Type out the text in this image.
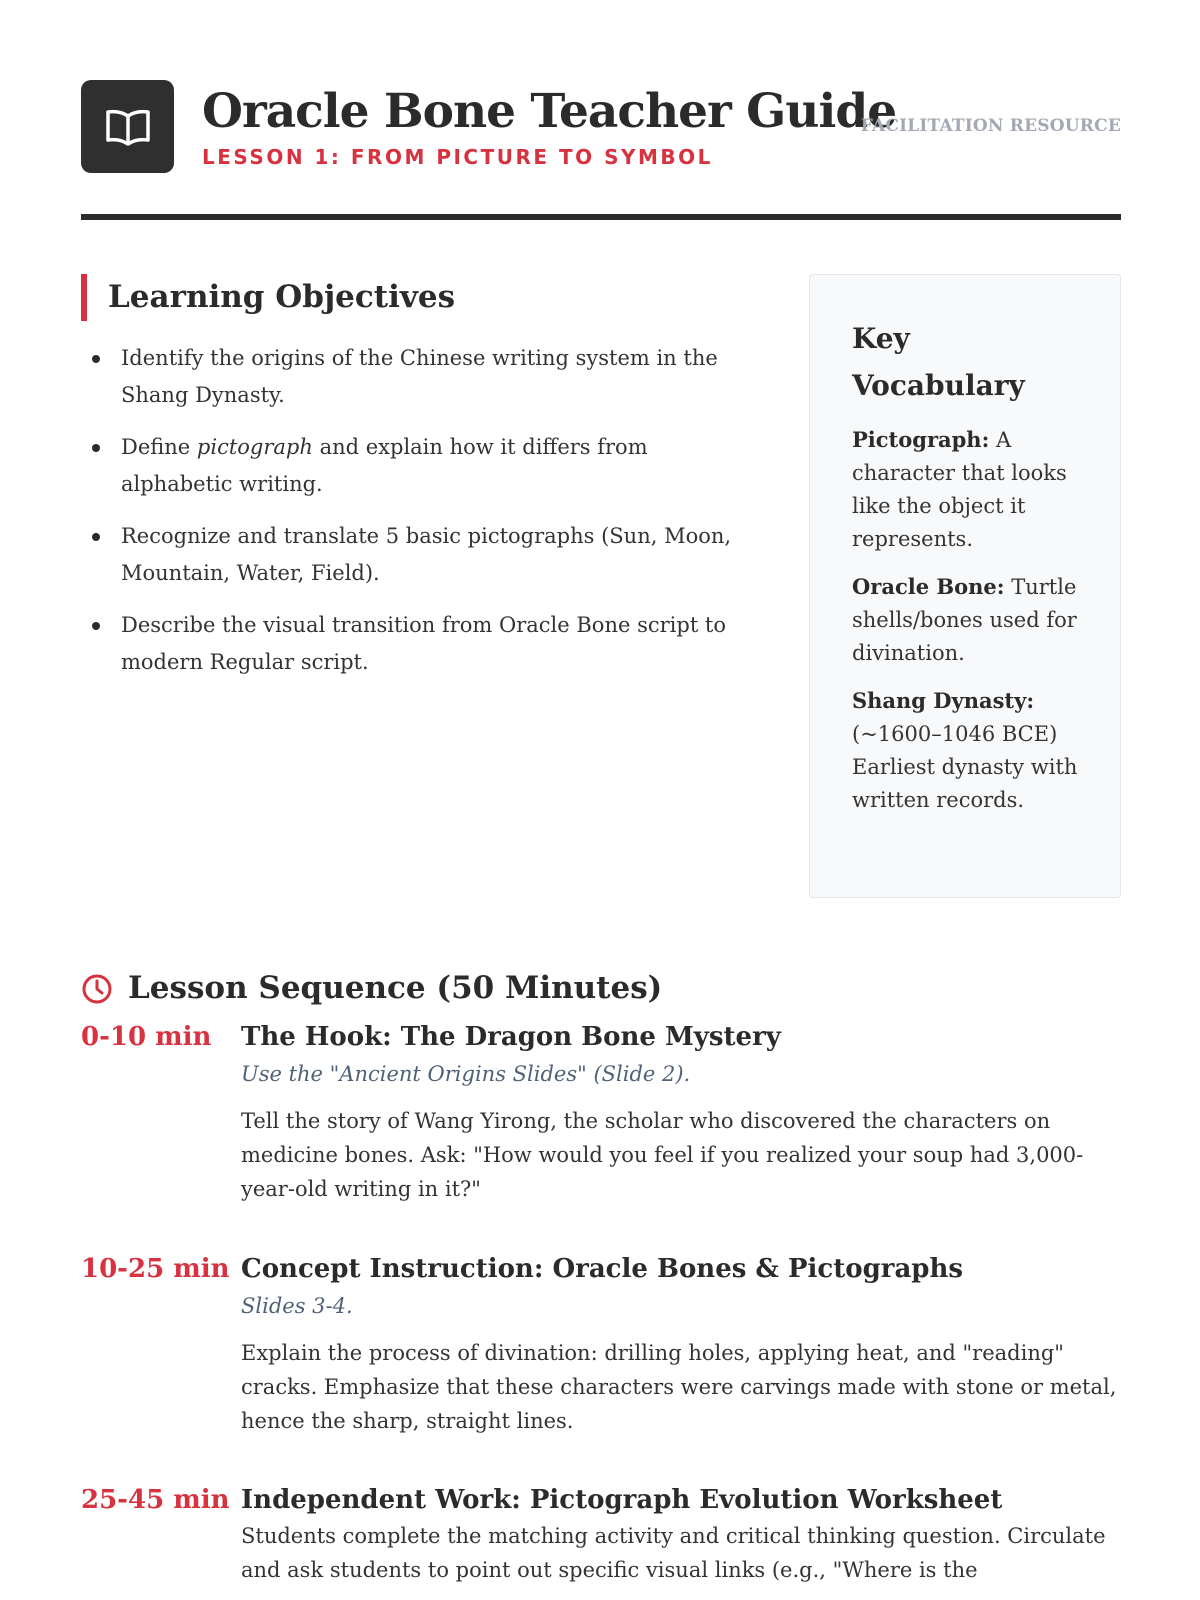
Oracle Bone Teacher Guide
LESSON 1: FROM PICTURE TO SYMBOL
FACILITATION RESOURCE
Learning Objectives
Identify the origins of the Chinese writing system in the Shang Dynasty.
Define pictograph and explain how it differs from alphabetic writing.
Recognize and translate 5 basic pictographs (Sun, Moon, Mountain, Water, Field).
Describe the visual transition from Oracle Bone script to modern Regular script.
Key Vocabulary

Pictograph: A character that looks like the object it represents.

Oracle Bone: Turtle shells/bones used for divination.

Shang Dynasty: (~1600–1046 BCE) Earliest dynasty with written records.

Lesson Sequence (50 Minutes)
0-10 min The Hook: The Dragon Bone Mystery
Use the "Ancient Origins Slides" (Slide 2).
Tell the story of Wang Yirong, the scholar who discovered the characters on medicine bones. Ask: "How would you feel if you realized your soup had 3,000-year-old writing in it?"
10-25 min Concept Instruction: Oracle Bones & Pictographs
Slides 3-4.
Explain the process of divination: drilling holes, applying heat, and "reading" cracks. Emphasize that these characters were carvings made with stone or metal, hence the sharp, straight lines.
25-45 min Independent Work: Pictograph Evolution Worksheet
Students complete the matching activity and critical thinking question. Circulate and ask students to point out specific visual links (e.g., "Where is the
